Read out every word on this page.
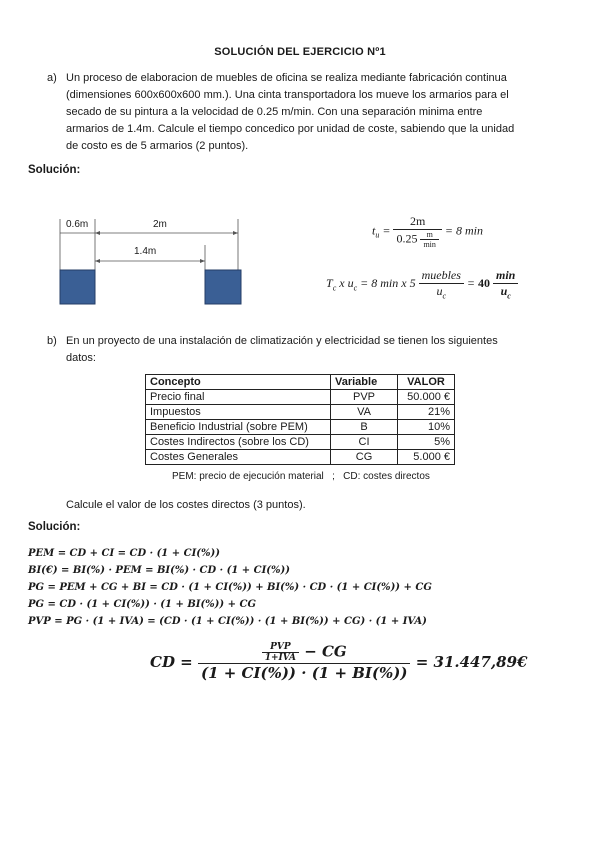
SOLUCIÓN DEL EJERCICIO Nº1
a) Un proceso de elaboracion de muebles de oficina se realiza mediante fabricación continua
(dimensiones 600x600x600 mm.). Una cinta transportadora los mueve los armarios para el
secado de su pintura a la velocidad de 0.25 m/min. Con una separación minima entre
armarios de 1.4m. Calcule el tiempo concedico por unidad de coste, sabiendo que la unidad
de costo es de 5 armarios (2 puntos).
Solución:
0.6m	2m
1.4m
$t_u = \frac{2m}{0.25 \frac{m}{\min}} = 8$ min
$T_c$ x $u_c = 8$ min x $5 \frac{\text{muebles}}{u_c} = 40 \frac{\min}{u_c}$
b) En un proyecto de una instalación de climatización y electricidad se tienen los siguientes
datos:
Concepto	Variable	VALOR
Precio final	PVP	50.000 €
Impuestos	VA	21%
Beneficio Industrial (sobre PEM)	B	10%
Costes Indirectos (sobre los CD)	CI	5%
Costes Generales	CG	5.000 €
PEM: precio de ejecución material   ;   CD: costes directos
Calcule el valor de los costes directos (3 puntos).
Solución:
PEM = CD + CI = CD · (1 + CI(%))
BI(€) = BI(%) · PEM = BI(%) · CD · (1 + CI(%))
PG = PEM + CG + BI = CD · (1 + CI(%)) + BI(%) · CD · (1 + CI(%)) + CG
PG = CD · (1 + CI(%)) · (1 + BI(%)) + CG
PVP = PG · (1 + IVA) = (CD · (1 + CI(%)) · (1 + BI(%)) + CG) · (1 + IVA)
CD = $\frac{\frac{\text{PVP}}{\text{1+IVA}} - CG}{(1 + CI(\%)) \cdot (1 + BI(\%))}$ = 31.447,89€
